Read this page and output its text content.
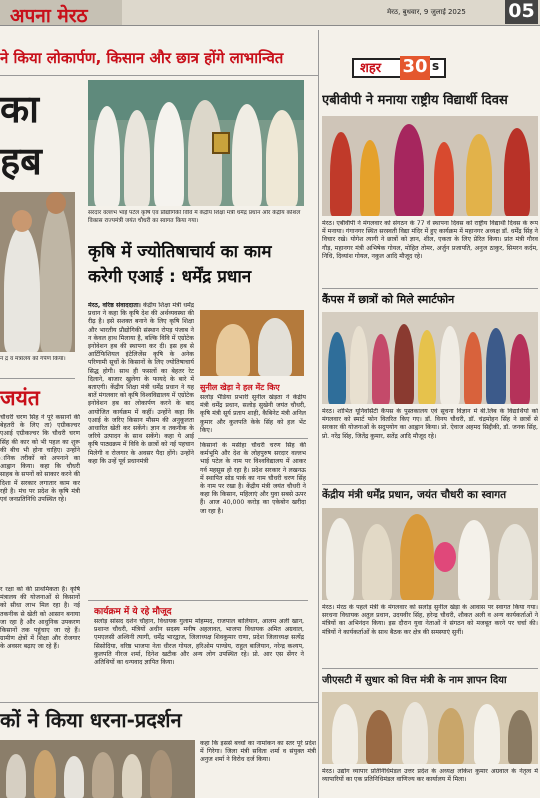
अपना मेरठ	मेरठ, बुधवार, 9 जुलाई 2025	05
ने किया लोकार्पण, किसान और छात्र होंगे लाभान्वित
का
हब
न द्र व मंत्रालय को गर्पण किया।
जयंत
चौधरी चरण सिंह ने पूरे कसानों की बेहतरी के लिए ता) एग्रीकल्चर एआई एग्रीकल्चर कि चौधरी चरण सिंह की कार को भी पहल का शुरू की बीच भी होना चाहिए। उन्होंने ानिक तरीकों को अपनाने का आह्वान किया। कहा कि चौधरी साहब के सपनों को साकार करने की दिशा में सरकार लगातार काम कर रही है। मंच पर प्रदेश के कृषि मंत्री एवं जनप्रतिनिधि उपस्थित रहे।
र रक्षा को की प्राथमिकता है। कृषि मंत्रालय की योजनाओं से किसानों को सीधा लाभ मिल रहा है। नई तकनीक से खेती को आसान बनाया जा रहा है और आधुनिक उपकरण किसानों तक पहुंचाए जा रहे हैं। ग्रामीण क्षेत्रों में शिक्षा और रोजगार के अवसर बढ़ाए जा रहे हैं।
कों ने किया धरना-प्रदर्शन
कहा कि इससे बच्चों का नामांकन का स्तर पूरे प्रदेश में गिरेगा। जिला मंत्री सविता शर्मा व संयुक्त मंत्री अनुज शर्मा ने विरोध दर्ज किया।
सरदार वल्लभ भाई पटेल कृषि एवं प्रौद्योगिकी विवि में केंद्रीय शिक्षा मंत्री धर्मेंद्र प्रधान और केंद्रीय कौशल विकास राज्यमंत्री जयंत चौधरी का स्वागत किया गया।
कृषि में ज्योतिषाचार्य का काम करेगी एआई : धर्मेंद्र प्रधान
मेरठ, वरिष्ठ संवाददाता। केंद्रीय शिक्षा मंत्री धर्मेंद्र प्रधान ने कहा कि कृषि देश की अर्थव्यवस्था की रीढ़ है। इसे सशक्त बनाने के लिए कृषि शिक्षा और भारतीय प्रौद्योगिकी संस्थान रोपड़ पंजाब ने न केवल हाथ मिलाया है, बल्कि विवि में एग्रोटेक इनोवेशन हब की स्थापना कर दी। इस हब से आर्टिफिशियल इंटेलिजेंस कृषि के अनेक परिणामी सूचों के किसानों के लिए ज्योतिषाचार्य सिद्ध होगी। साथ ही फसलों का बेहतर रेट दिलाने, बाजार खुलेगा के फायदे के बारे में बताएगी। केंद्रीय शिक्षा मंत्री धर्मेंद्र प्रधान ने यह बातें मंगलवार को कृषि विश्वविद्यालय में एग्रोटेक इनोवेशन हब का लोकार्पण करने के बाद आयोजित कार्यक्रम में कहीं। उन्होंने कहा कि एआई के जरिए किसान मौसम की अनुकूलता आधारित खेती कर सकेंगे। ज्ञान व तकनीक के जरिये उत्पादन के साथ सकेंगे। कहा ये आई कृषि पाठ्यक्रम में विवि के छात्रों को नई पहचान मिलेगी व रोजगार के अवसर पैदा होंगे। उन्होंने कहा कि उन्हें पूर्व प्रधानमंत्री
सुनील खेड़ा ने हल मेंट किए
सलोड़ भैंडिया प्रभारी सुनील खेड़ता ने केंद्रीय मंत्री धर्मेंद्र प्रधान, सलोड़ सुखेनी जयंत चौधरी, कृषि मंत्री सूर्य प्रताप शाही, कैबिनेट मंत्री अनिल कुमार और कुलपति केके सिंह को हल भेंट किए।
किसानों के मसीहा चौधरी चरण सिंह की कर्मभूमि और देश के लोहपुरुष सरदार वल्लभ भाई पटेल के नाम पर विश्वविद्यालय में आकर गर्व महसूस हो रहा है। प्रदेश सरकार ने लखनऊ में स्थापित सोड पार्क का नाम चौधरी चरण सिंह के नाम पर रखा है। केंद्रीय मंत्री जयंत चौधरी ने कहा कि किसान, महिलाएं और युवा सबसे ऊपर हैं। आज 40,000 करोड़ का एकेबोन खरीदा जा रहा है।
कार्यक्रम में ये रहे मौजूद
सलोड़ सांसद दर्शन चौहान, विधायक गुलाम मोहम्मद, राजपाल बालियान, आलम अली खान, प्रशान्त चौधरी, मंत्रियों अधीन सदस्य मनीष अहलावत, भाजपा विधायक अमित अग्रवाल, एमएलसी अश्विनी त्यागी, धर्मेंद्र भारद्वाज, जिलाध्यक्ष शिवकुमार राणा, प्रदेश जिलाध्यक्ष सत्येंद्र सिसोदिया, वरिष्ठ भाजपा नेता धीरज गोयल, हरिओम पाण्डेय, राहुल बालियान, नरेन्द्र कश्यप, कुलपति नीरज शर्मा, दिनेश खटीक और अन्य लोग उपस्थित रहे। प्रो. आर एस सेंगर ने अतिथियों का धन्यवाद ज्ञापित किया।
शहर	30 s
एबीवीपी ने मनाया राष्ट्रीय विद्यार्थी दिवस
मेरठ। एबीवीपी ने मंगलवार को संगठन के 77 वें स्थापना दिवस को राष्ट्रीय विद्यार्थी दिवस के रूप में मनाया। गंगानगर स्थित सरस्वती विद्या मंदिर में हुए कार्यक्रम में महानगर अध्यक्ष डॉ. धर्मेंद्र सिंह ने विचार रखे। योगेश त्यागी ने छात्रों को ज्ञान, शील, एकता के लिए प्रेरित किया। प्रांत मंत्री गौरव गौड़, महानगर मंत्री अभिषेक गोयल, मोहित तोमर, अर्जुन प्रजापति, अनुज ठाकुर, सिमरन कर्दम, निधि, दिव्यांश गोयल, नकुल आदि मौजूद रहे।
कैंपस में छात्रों को मिले स्मार्टफोन
मेरठ। शोभित यूनिवर्सिटी कैंपस के पुस्तकालय एवं सूचना विज्ञान में बी.लिब के विद्यार्थियों को मंगलवार को स्मार्ट फोन वितरित किए गए। डॉ. विनय चौधरी, डॉ. चंद्रमोहन सिंह ने छात्रों से सरकार की योजनाओं के सदुपयोग का आह्वान किया। प्रो. ऐवाज अहमद सिद्दीकी, डॉ. जनक सिंह, प्रो. नरेंद्र सिंह, जितेंद्र कुमार, सतेंद्र आदि मौजूद रहे।
केंद्रीय मंत्री धर्मेंद्र प्रधान, जयंत चौधरी का स्वागत
मेरठ। मेरठ के पहले मंत्री के मंगलवार को सलोड़ सुनील खेड़ा के आवास पर स्वागत किया गया। सरधना विधायक अतुल प्रधान, उदयवीर सिंह, हरेन्द्र चौधरी, शौकत अली व अन्य कार्यकर्ताओं ने मंत्रियों का अभिनंदन किया। इस दौरान युवा नेताओं ने संगठन को मजबूत करने पर चर्चा की। मंत्रियों ने कार्यकर्ताओं के साथ बैठक कर क्षेत्र की समस्याएं सुनीं।
जीएसटी में सुधार को वित्त मंत्री के नाम ज्ञापन दिया
मेरठ। उद्योग व्यापार प्रतिनिधिमंडल उत्तर प्रदेश के अध्यक्ष लोकेश कुमार अग्रवाल के नेतृत्व में व्यापारियों का एक प्रतिनिधिमंडल वाणिज्य कर कार्यालय में मिला।
